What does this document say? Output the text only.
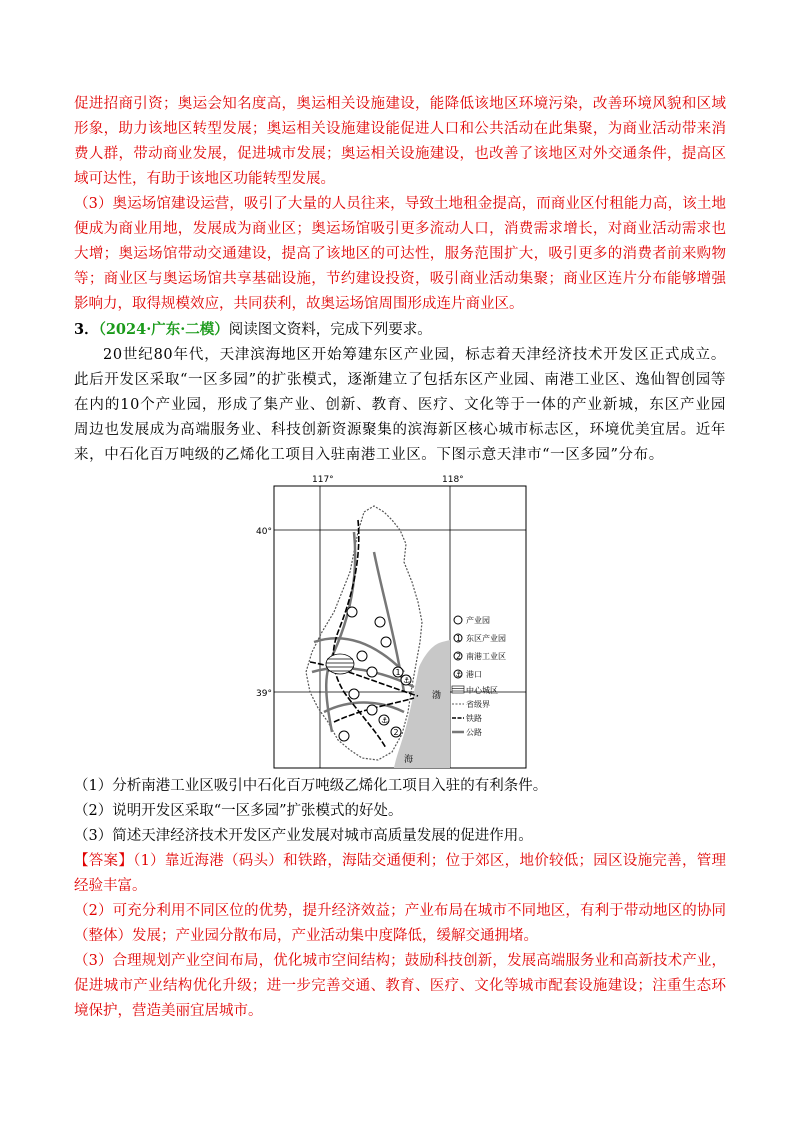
促进招商引资；奥运会知名度高，奥运相关设施建设，能降低该地区环境污染，改善环境风貌和区域形象，助力该地区转型发展；奥运相关设施建设能促进人口和公共活动在此集聚，为商业活动带来消费人群，带动商业发展，促进城市发展；奥运相关设施建设，也改善了该地区对外交通条件，提高区域可达性，有助于该地区功能转型发展。

（3）奥运场馆建设运营，吸引了大量的人员往来，导致土地租金提高，而商业区付租能力高，该土地便成为商业用地，发展成为商业区；奥运场馆吸引更多流动人口，消费需求增长，对商业活动需求也大增；奥运场馆带动交通建设，提高了该地区的可达性，服务范围扩大，吸引更多的消费者前来购物等；商业区与奥运场馆共享基础设施，节约建设投资，吸引商业活动集聚；商业区连片分布能够增强影响力，取得规模效应，共同获利，故奥运场馆周围形成连片商业区。

3．（2024·广东·二模）阅读图文资料，完成下列要求。

20世纪80年代，天津滨海地区开始筹建东区产业园，标志着天津经济技术开发区正式成立。此后开发区采取“一区多园”的扩张模式，逐渐建立了包括东区产业园、南港工业区、逸仙智创园等在内的10个产业园，形成了集产业、创新、教育、医疗、文化等于一体的产业新城，东区产业园周边也发展成为高端服务业、科技创新资源聚集的滨海新区核心城市标志区，环境优美宜居。近年来，中石化百万吨级的乙烯化工项目入驻南港工业区。下图示意天津市“一区多园”分布。

117°	118°
40°
39°	渤
海
1
2
⚓
⚓
产业园
1 东区产业园
2 南港工业区
⚓ 港口
中心城区
省级界
铁路
公路

（1）分析南港工业区吸引中石化百万吨级乙烯化工项目入驻的有利条件。

（2）说明开发区采取“一区多园”扩张模式的好处。

（3）简述天津经济技术开发区产业发展对城市高质量发展的促进作用。

【答案】（1）靠近海港（码头）和铁路，海陆交通便利；位于郊区，地价较低；园区设施完善，管理经验丰富。

（2）可充分利用不同区位的优势，提升经济效益；产业布局在城市不同地区，有利于带动地区的协同（整体）发展；产业园分散布局，产业活动集中度降低，缓解交通拥堵。

（3）合理规划产业空间布局，优化城市空间结构；鼓励科技创新，发展高端服务业和高新技术产业，促进城市产业结构优化升级；进一步完善交通、教育、医疗、文化等城市配套设施建设；注重生态环境保护，营造美丽宜居城市。
